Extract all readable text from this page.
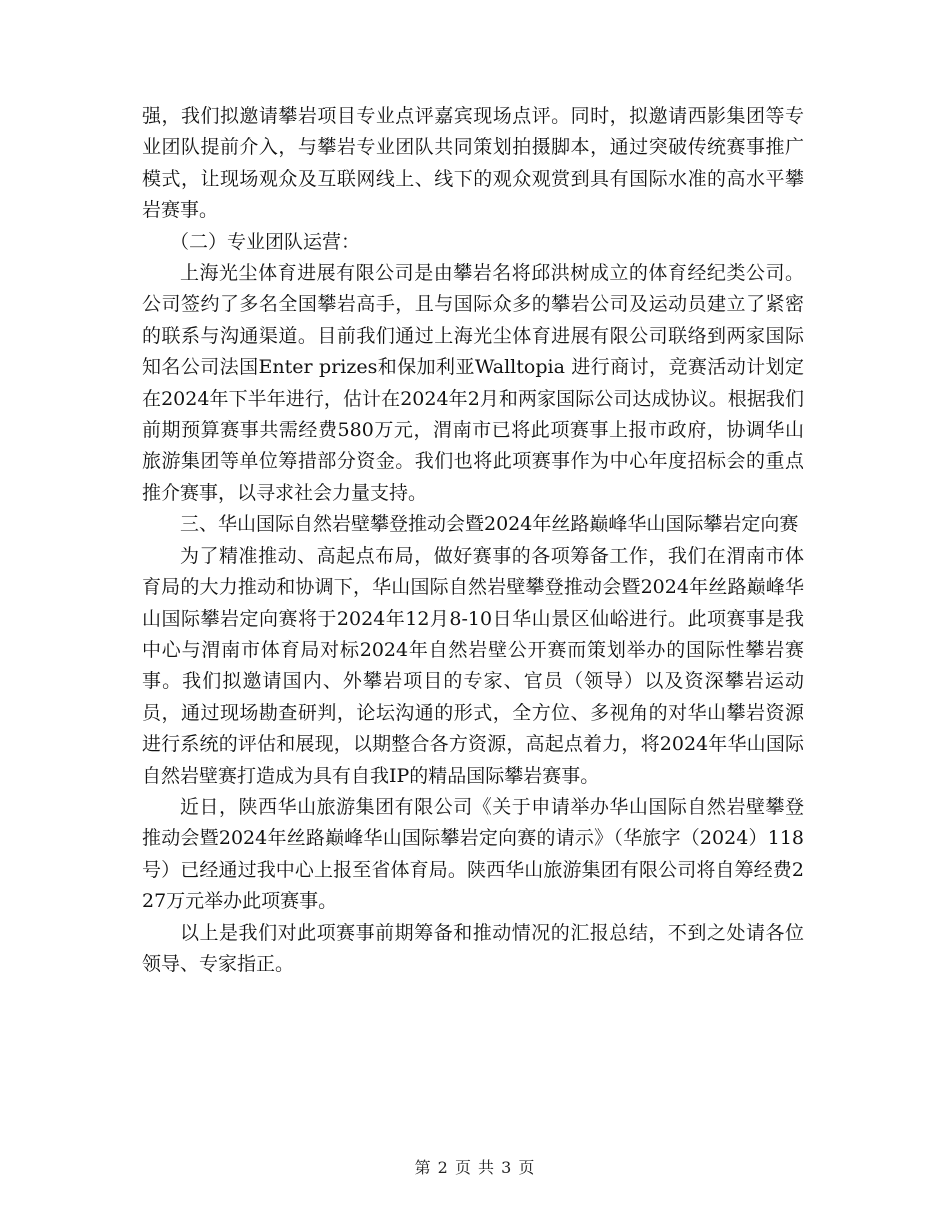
强，我们拟邀请攀岩项目专业点评嘉宾现场点评。同时，拟邀请西影集团等专业团队提前介入，与攀岩专业团队共同策划拍摄脚本，通过突破传统赛事推广模式，让现场观众及互联网线上、线下的观众观赏到具有国际水准的高水平攀岩赛事。

（二）专业团队运营：

上海光尘体育进展有限公司是由攀岩名将邱洪树成立的体育经纪类公司。公司签约了多名全国攀岩高手，且与国际众多的攀岩公司及运动员建立了紧密的联系与沟通渠道。目前我们通过上海光尘体育进展有限公司联络到两家国际知名公司法国Enter prizes和保加利亚Walltopia 进行商讨，竞赛活动计划定在2024年下半年进行，估计在2024年2月和两家国际公司达成协议。根据我们前期预算赛事共需经费580万元，渭南市已将此项赛事上报市政府，协调华山旅游集团等单位筹措部分资金。我们也将此项赛事作为中心年度招标会的重点推介赛事，以寻求社会力量支持。

三、华山国际自然岩壁攀登推动会暨2024年丝路巅峰华山国际攀岩定向赛

为了精准推动、高起点布局，做好赛事的各项筹备工作，我们在渭南市体育局的大力推动和协调下，华山国际自然岩壁攀登推动会暨2024年丝路巅峰华山国际攀岩定向赛将于2024年12月8-10日华山景区仙峪进行。此项赛事是我中心与渭南市体育局对标2024年自然岩壁公开赛而策划举办的国际性攀岩赛事。我们拟邀请国内、外攀岩项目的专家、官员（领导）以及资深攀岩运动员，通过现场勘查研判，论坛沟通的形式，全方位、多视角的对华山攀岩资源进行系统的评估和展现，以期整合各方资源，高起点着力，将2024年华山国际自然岩壁赛打造成为具有自我IP的精品国际攀岩赛事。

近日，陕西华山旅游集团有限公司《关于申请举办华山国际自然岩壁攀登推动会暨2024年丝路巅峰华山国际攀岩定向赛的请示》（华旅字（2024）118号）已经通过我中心上报至省体育局。陕西华山旅游集团有限公司将自筹经费227万元举办此项赛事。

以上是我们对此项赛事前期筹备和推动情况的汇报总结，不到之处请各位领导、专家指正。

第 2 页 共 3 页
